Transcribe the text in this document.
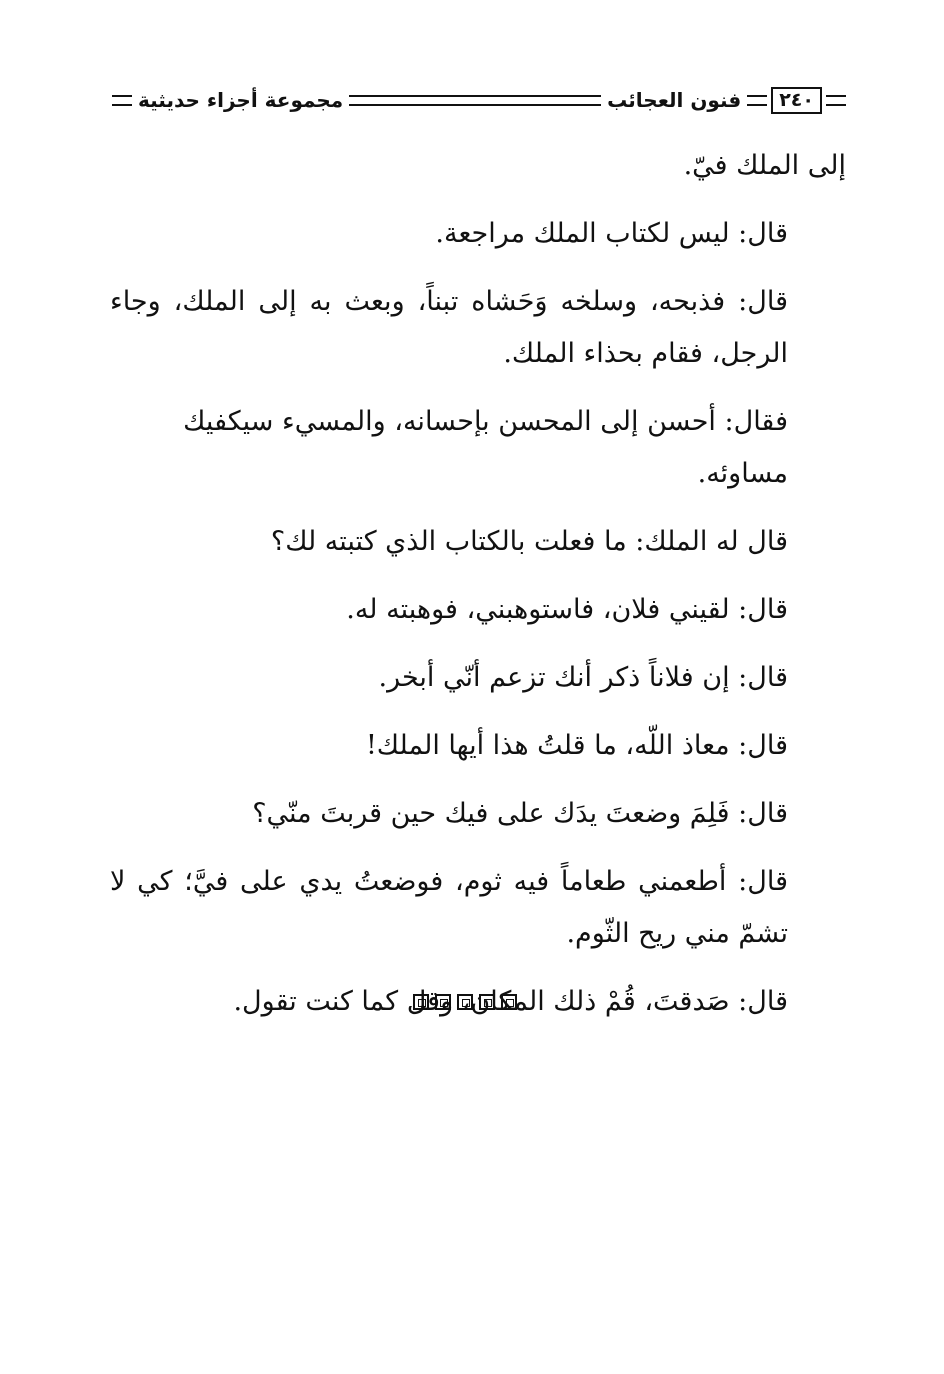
٢٤٠
فنون العجائب
مجموعة أجزاء حديثية

إلى الملك فيّ.

قال: ليس لكتاب الملك مراجعة.

قال: فذبحه، وسلخه وَحَشاه تبناً، وبعث به إلى الملك، وجاء الرجل، فقام بحذاء الملك.

فقال: أحسن إلى المحسن بإحسانه، والمسيء سيكفيك مساوئه.

قال له الملك: ما فعلت بالكتاب الذي كتبته لك؟

قال: لقيني فلان، فاستوهبني، فوهبته له.

قال: إن فلاناً ذكر أنك تزعم أنّي أبخر.

قال: معاذ اللّه، ما قلتُ هذا أيها الملك!

قال: فَلِمَ وضعتَ يدَك على فيك حين قربتَ منّي؟

قال: أطعمني طعاماً فيه ثوم، فوضعتُ يدي على فيَّ؛ كي لا تشمّ مني ريح الثّوم.

قال: صَدقتَ، قُمْ ذلك المكان، وقل كما كنت تقول.
